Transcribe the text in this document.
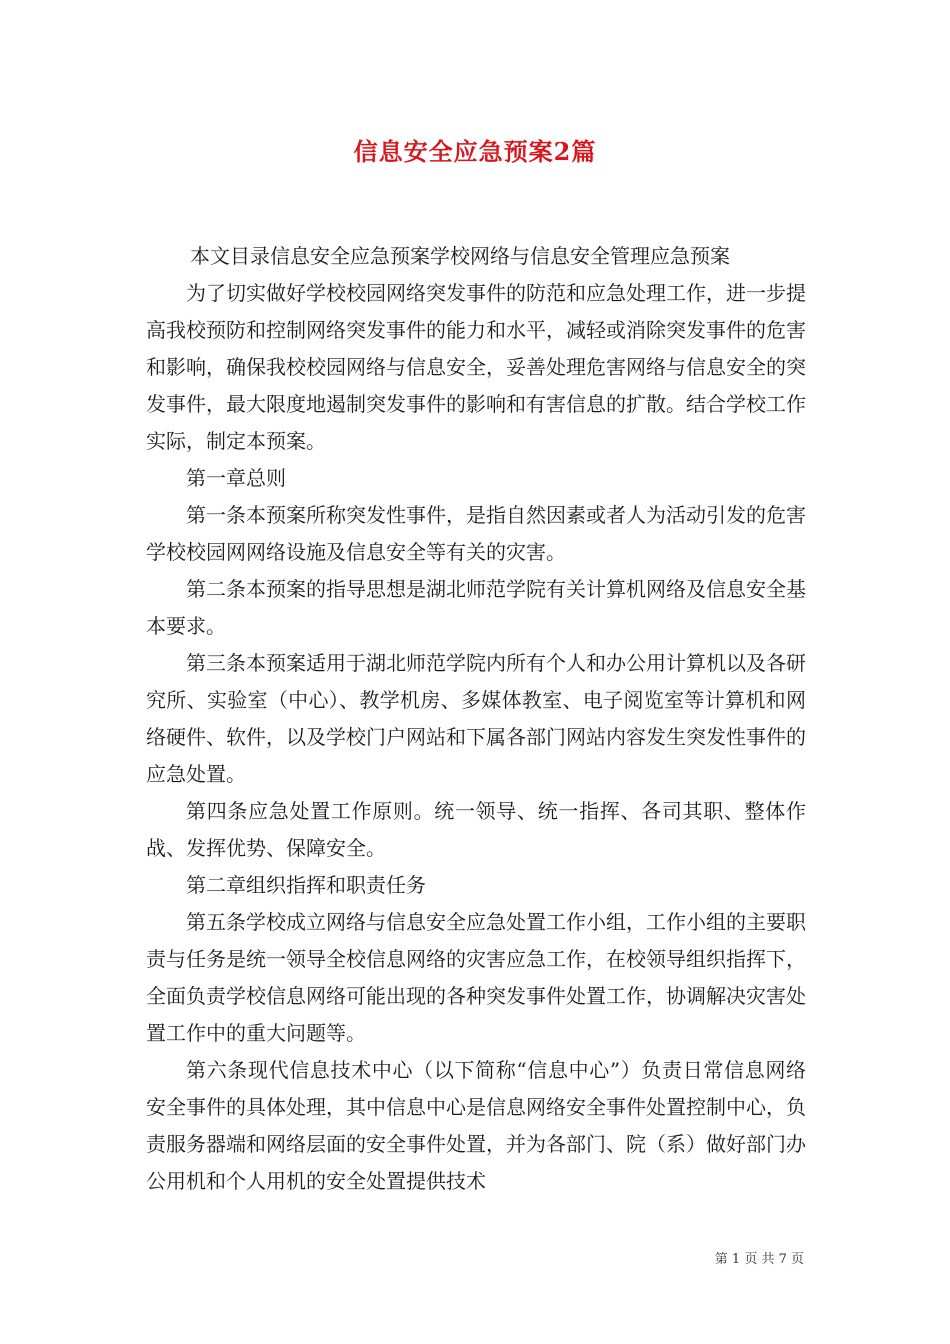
信息安全应急预案2篇

本文目录信息安全应急预案学校网络与信息安全管理应急预案

为了切实做好学校校园网络突发事件的防范和应急处理工作，进一步提高我校预防和控制网络突发事件的能力和水平，减轻或消除突发事件的危害和影响，确保我校校园网络与信息安全，妥善处理危害网络与信息安全的突发事件，最大限度地遏制突发事件的影响和有害信息的扩散。结合学校工作实际，制定本预案。

第一章总则

第一条本预案所称突发性事件，是指自然因素或者人为活动引发的危害学校校园网网络设施及信息安全等有关的灾害。

第二条本预案的指导思想是湖北师范学院有关计算机网络及信息安全基本要求。

第三条本预案适用于湖北师范学院内所有个人和办公用计算机以及各研究所、实验室（中心）、教学机房、多媒体教室、电子阅览室等计算机和网络硬件、软件，以及学校门户网站和下属各部门网站内容发生突发性事件的应急处置。

第四条应急处置工作原则。统一领导、统一指挥、各司其职、整体作战、发挥优势、保障安全。

第二章组织指挥和职责任务

第五条学校成立网络与信息安全应急处置工作小组，工作小组的主要职责与任务是统一领导全校信息网络的灾害应急工作，在校领导组织指挥下，全面负责学校信息网络可能出现的各种突发事件处置工作，协调解决灾害处置工作中的重大问题等。

第六条现代信息技术中心（以下简称“信息中心”）负责日常信息网络安全事件的具体处理，其中信息中心是信息网络安全事件处置控制中心，负责服务器端和网络层面的安全事件处置，并为各部门、院（系）做好部门办公用机和个人用机的安全处置提供技术

第 1 页 共 7 页
